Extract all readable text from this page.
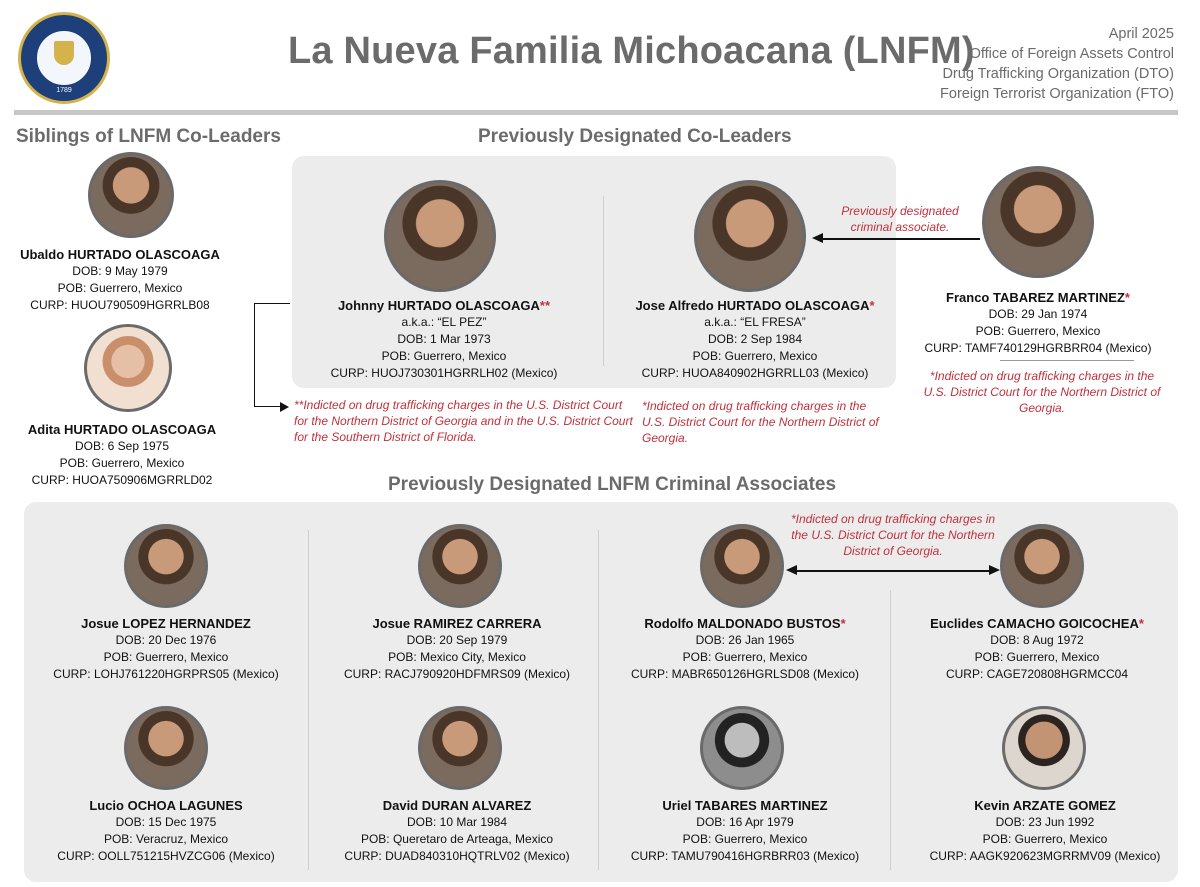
1789
La Nueva Familia Michoacana (LNFM)	April 2025
Office of Foreign Assets Control
Drug Trafficking Organization (DTO)
Foreign Terrorist Organization (FTO)
Siblings of LNFM Co-Leaders	Previously Designated Co-Leaders
Previously Designated LNFM Criminal Associates
Ubaldo HURTADO OLASCOAGA
DOB: 9 May 1979
POB: Guerrero, Mexico
CURP: HUOU790509HGRRLB08
Adita HURTADO OLASCOAGA
DOB: 6 Sep 1975
POB: Guerrero, Mexico
CURP: HUOA750906MGRRLD02
Johnny HURTADO OLASCOAGA**
a.k.a.: “EL PEZ”
DOB: 1 Mar 1973
POB: Guerrero, Mexico
CURP: HUOJ730301HGRRLH02 (Mexico)
Jose Alfredo HURTADO OLASCOAGA*
a.k.a.: “EL FRESA”
DOB: 2 Sep 1984
POB: Guerrero, Mexico
CURP: HUOA840902HGRRLL03 (Mexico)
Previously designated criminal associate.
Franco TABAREZ MARTINEZ*
DOB: 29 Jan 1974
POB: Guerrero, Mexico
CURP: TAMF740129HGRBRR04 (Mexico)
**Indicted on drug trafficking charges in the U.S. District Court for the Northern District of Georgia and in the U.S. District Court for the Southern District of Florida.
*Indicted on drug trafficking charges in the U.S. District Court for the Northern District of Georgia.
*Indicted on drug trafficking charges in the U.S. District Court for the Northern District of Georgia.
*Indicted on drug trafficking charges in the U.S. District Court for the Northern District of Georgia.
Josue LOPEZ HERNANDEZ
DOB: 20 Dec 1976
POB: Guerrero, Mexico
CURP: LOHJ761220HGRPRS05 (Mexico)
Josue RAMIREZ CARRERA
DOB: 20 Sep 1979
POB: Mexico City, Mexico
CURP: RACJ790920HDFMRS09 (Mexico)
Rodolfo MALDONADO BUSTOS*
DOB: 26 Jan 1965
POB: Guerrero, Mexico
CURP: MABR650126HGRLSD08 (Mexico)
Euclides CAMACHO GOICOCHEA*
DOB: 8 Aug 1972
POB: Guerrero, Mexico
CURP: CAGE720808HGRMCC04
Lucio OCHOA LAGUNES
DOB: 15 Dec 1975
POB: Veracruz, Mexico
CURP: OOLL751215HVZCG06 (Mexico)
David DURAN ALVAREZ
DOB: 10 Mar 1984
POB: Queretaro de Arteaga, Mexico
CURP: DUAD840310HQTRLV02 (Mexico)
Uriel TABARES MARTINEZ
DOB: 16 Apr 1979
POB: Guerrero, Mexico
CURP: TAMU790416HGRBRR03 (Mexico)
Kevin ARZATE GOMEZ
DOB: 23 Jun 1992
POB: Guerrero, Mexico
CURP: AAGK920623MGRRMV09 (Mexico)
